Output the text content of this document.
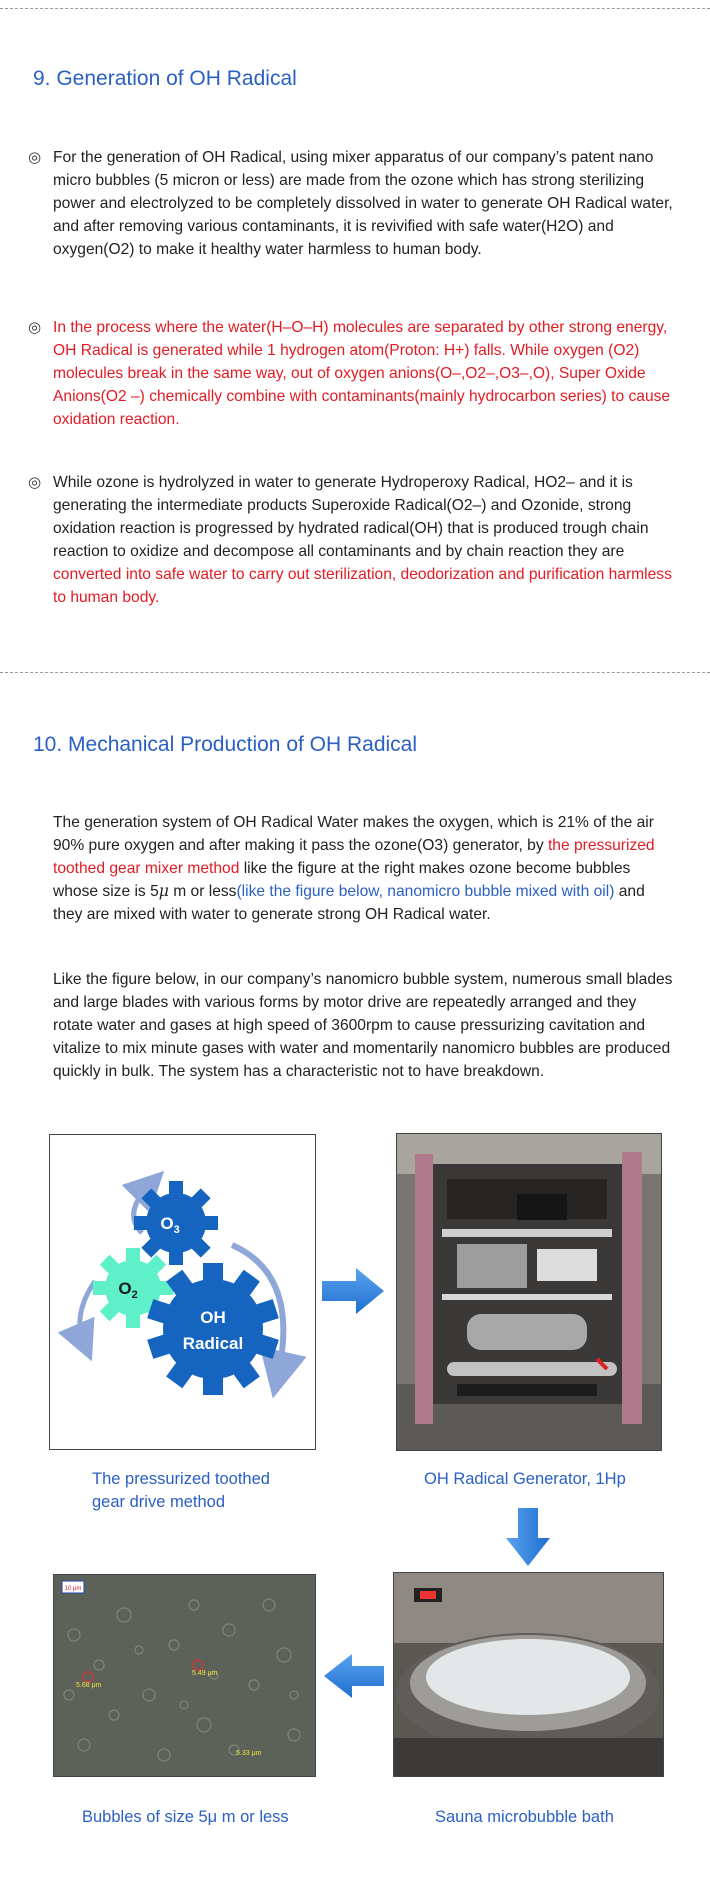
9. Generation of OH Radical
◎ For the generation of OH Radical, using mixer apparatus of our company’s patent nano micro bubbles (5 micron or less) are made from the ozone which has strong sterilizing power and electrolyzed to be completely dissolved in water to generate OH Radical water, and after removing various contaminants, it is revivified with safe water(H2O) and oxygen(O2) to make it healthy water harmless to human body.
◎ In the process where the water(H–O–H) molecules are separated by other strong energy, OH Radical is generated while 1 hydrogen atom(Proton: H+) falls. While oxygen (O2) molecules break in the same way, out of oxygen anions(O–,O2–,O3–,O), Super Oxide Anions(O2 –) chemically combine with contaminants(mainly hydrocarbon series) to cause oxidation reaction.
◎ While ozone is hydrolyzed in water to generate Hydroperoxy Radical, HO2– and it is generating the intermediate products Superoxide Radical(O2–) and Ozonide, strong oxidation reaction is progressed by hydrated radical(OH) that is produced trough chain reaction to oxidize and decompose all contaminants and by chain reaction they are converted into safe water to carry out sterilization, deodorization and purification harmless to human body.
10. Mechanical Production of OH Radical
The generation system of OH Radical Water makes the oxygen, which is 21% of the air 90% pure oxygen and after making it pass the ozone(O3) generator, by the pressurized toothed gear mixer method like the figure at the right makes ozone become bubbles whose size is 5μ m or less(like the figure below, nanomicro bubble mixed with oil) and they are mixed with water to generate strong OH Radical water.
Like the figure below, in our company’s nanomicro bubble system, numerous small blades and large blades with various forms by motor drive are repeatedly arranged and they rotate water and gases at high speed of 3600rpm to cause pressurizing cavitation and vitalize to mix minute gases with water and momentarily nanomicro bubbles are produced quickly in bulk. The system has a characteristic not to have breakdown.
$O_3$
$O_2$
OH
Radical
The pressurized toothed gear drive method
OH Radical Generator, 1Hp
10 μm
5.68 μm
5.49 μm
5.33 μm
Bubbles of size 5μ m or less	Sauna microbubble bath
